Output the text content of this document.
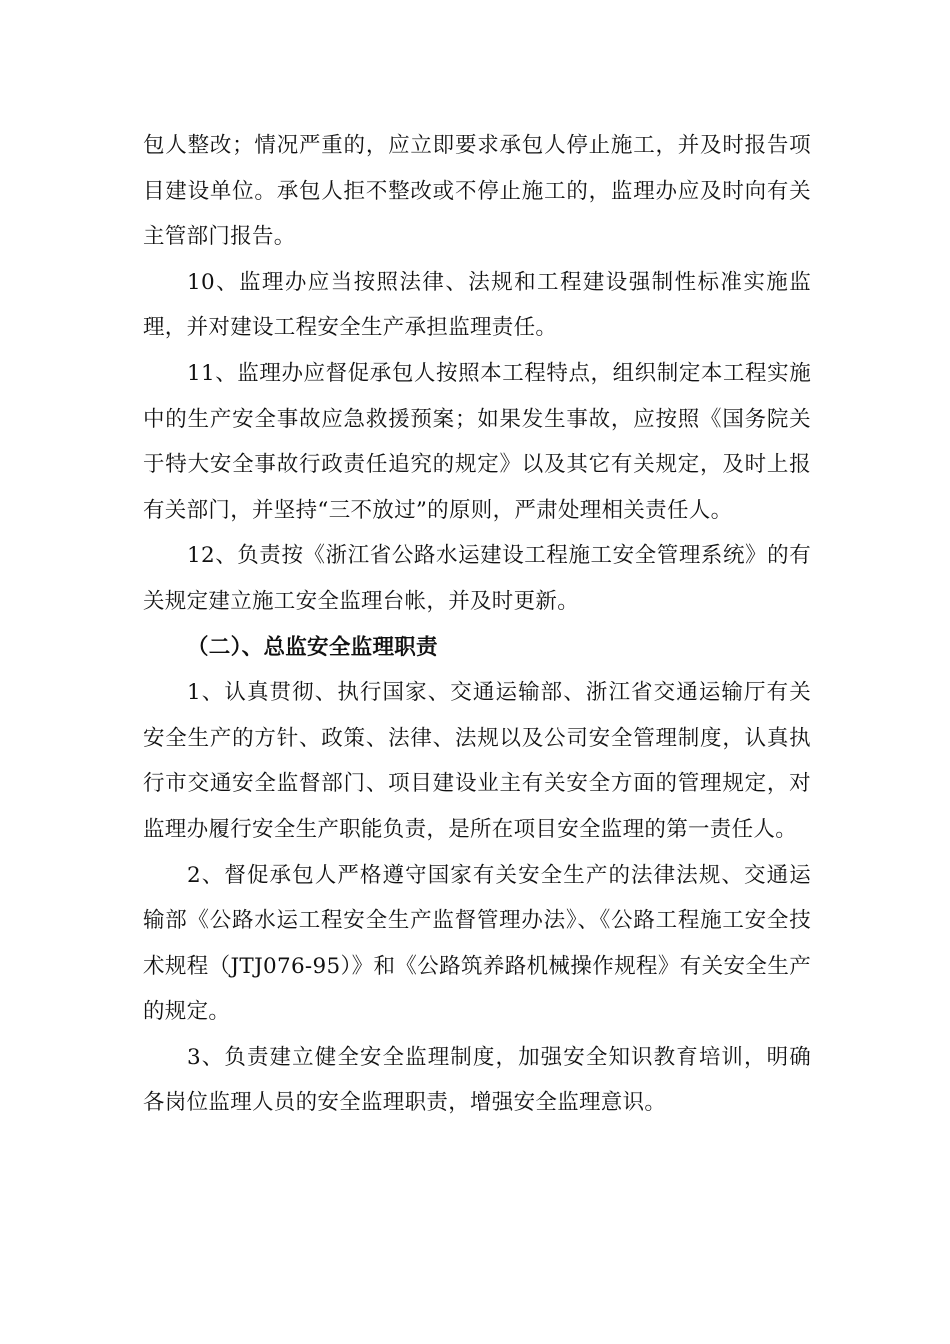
包人整改；情况严重的，应立即要求承包人停止施工，并及时报告项目建设单位。承包人拒不整改或不停止施工的，监理办应及时向有关主管部门报告。

10、监理办应当按照法律、法规和工程建设强制性标准实施监理，并对建设工程安全生产承担监理责任。

11、监理办应督促承包人按照本工程特点，组织制定本工程实施中的生产安全事故应急救援预案；如果发生事故，应按照《国务院关于特大安全事故行政责任追究的规定》以及其它有关规定，及时上报有关部门，并坚持“三不放过”的原则，严肃处理相关责任人。

12、负责按《浙江省公路水运建设工程施工安全管理系统》的有关规定建立施工安全监理台帐，并及时更新。

（二）、总监安全监理职责

1、认真贯彻、执行国家、交通运输部、浙江省交通运输厅有关安全生产的方针、政策、法律、法规以及公司安全管理制度，认真执行市交通安全监督部门、项目建设业主有关安全方面的管理规定，对监理办履行安全生产职能负责，是所在项目安全监理的第一责任人。

2、督促承包人严格遵守国家有关安全生产的法律法规、交通运输部《公路水运工程安全生产监督管理办法》、《公路工程施工安全技术规程（JTJ076-95）》和《公路筑养路机械操作规程》有关安全生产的规定。

3、负责建立健全安全监理制度，加强安全知识教育培训，明确各岗位监理人员的安全监理职责，增强安全监理意识。
